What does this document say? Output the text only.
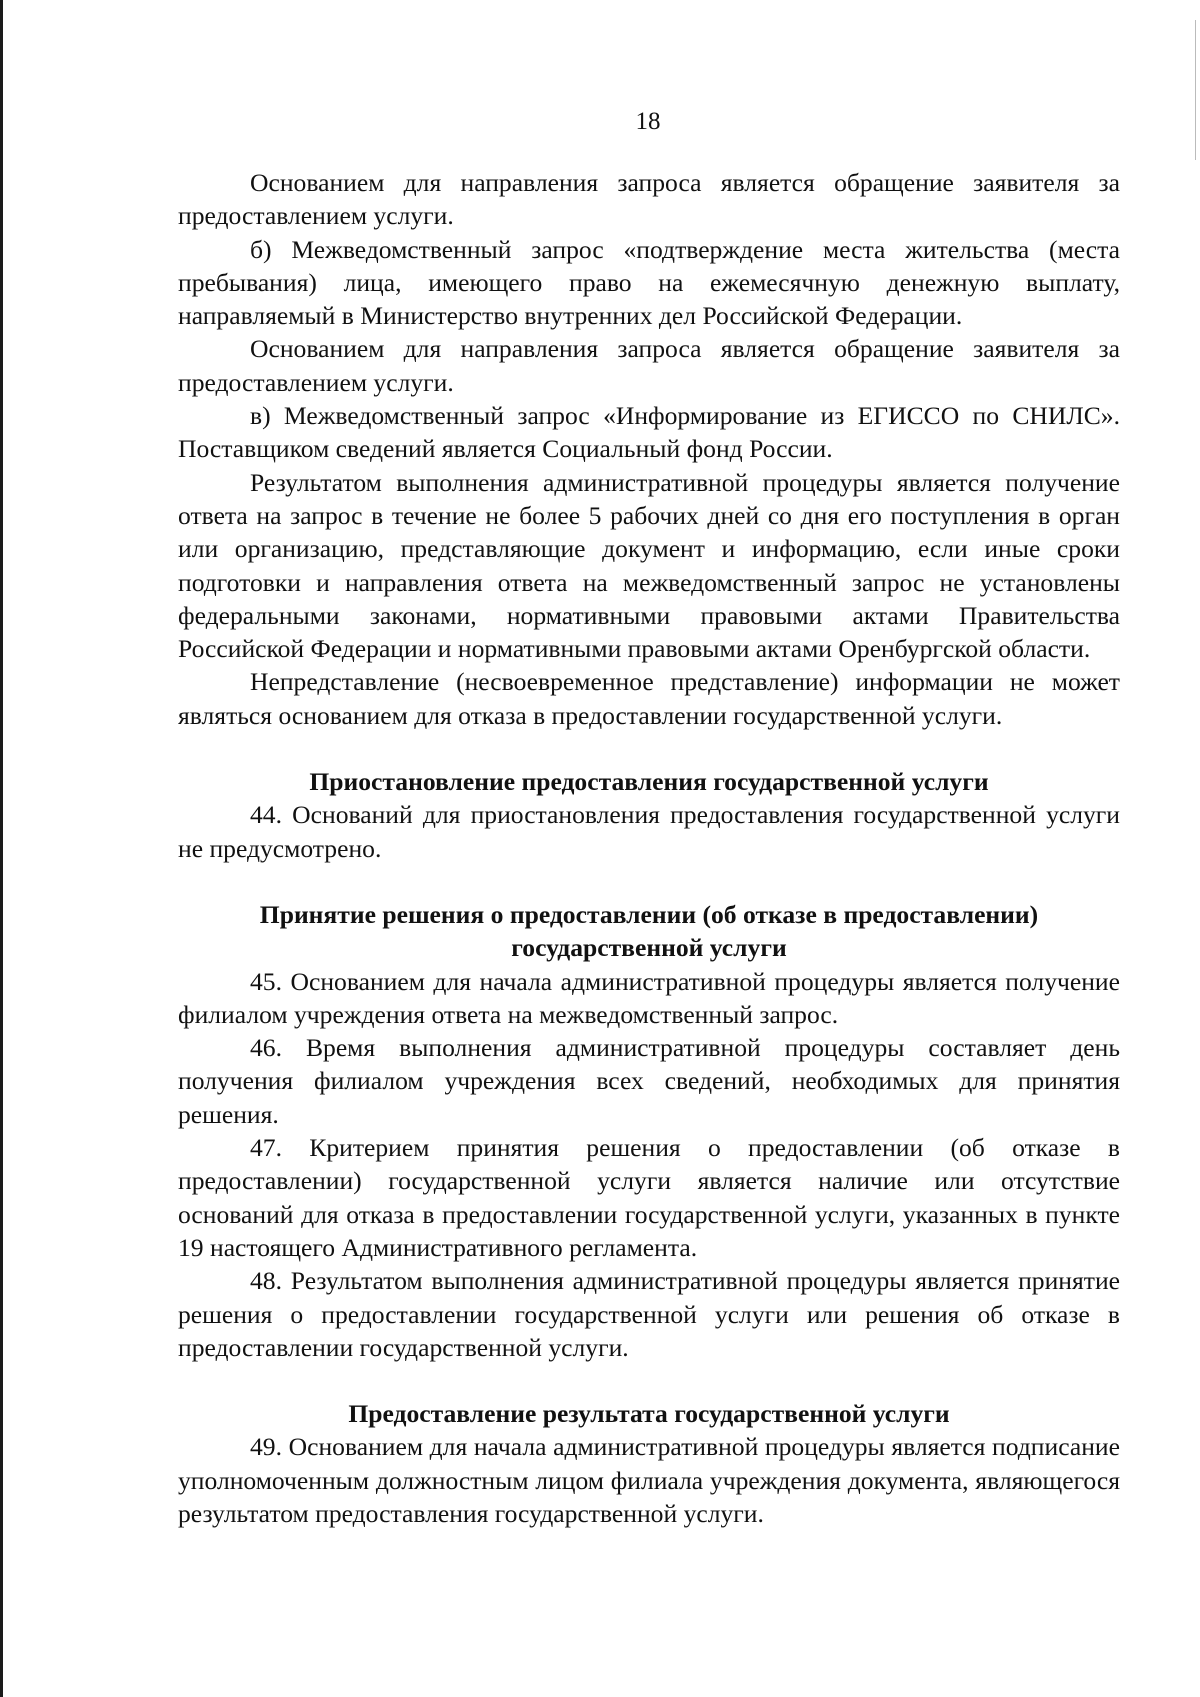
18

Основанием для направления запроса является обращение заявителя за предоставлением услуги.

б) Межведомственный запрос «подтверждение места жительства (места пребывания) лица, имеющего право на ежемесячную денежную выплату, направляемый в Министерство внутренних дел Российской Федерации.

Основанием для направления запроса является обращение заявителя за предоставлением услуги.

в) Межведомственный запрос «Информирование из ЕГИССО по СНИЛС». Поставщиком сведений является Социальный фонд России.

Результатом выполнения административной процедуры является получение ответа на запрос в течение не более 5 рабочих дней со дня его поступления в орган или организацию, представляющие документ и информацию, если иные сроки подготовки и направления ответа на межведомственный запрос не установлены федеральными законами, нормативными правовыми актами Правительства Российской Федерации и нормативными правовыми актами Оренбургской области.

Непредставление (несвоевременное представление) информации не может являться основанием для отказа в предоставлении государственной услуги.

Приостановление предоставления государственной услуги

44. Оснований для приостановления предоставления государственной услуги не предусмотрено.

Принятие решения о предоставлении (об отказе в предоставлении) государственной услуги

45. Основанием для начала административной процедуры является получение филиалом учреждения ответа на межведомственный запрос.

46. Время выполнения административной процедуры составляет день получения филиалом учреждения всех сведений, необходимых для принятия решения.

47. Критерием принятия решения о предоставлении (об отказе в предоставлении) государственной услуги является наличие или отсутствие оснований для отказа в предоставлении государственной услуги, указанных в пункте 19 настоящего Административного регламента.

48. Результатом выполнения административной процедуры является принятие решения о предоставлении государственной услуги или решения об отказе в предоставлении государственной услуги.

Предоставление результата государственной услуги

49. Основанием для начала административной процедуры является подписание уполномоченным должностным лицом филиала учреждения документа, являющегося результатом предоставления государственной услуги.
